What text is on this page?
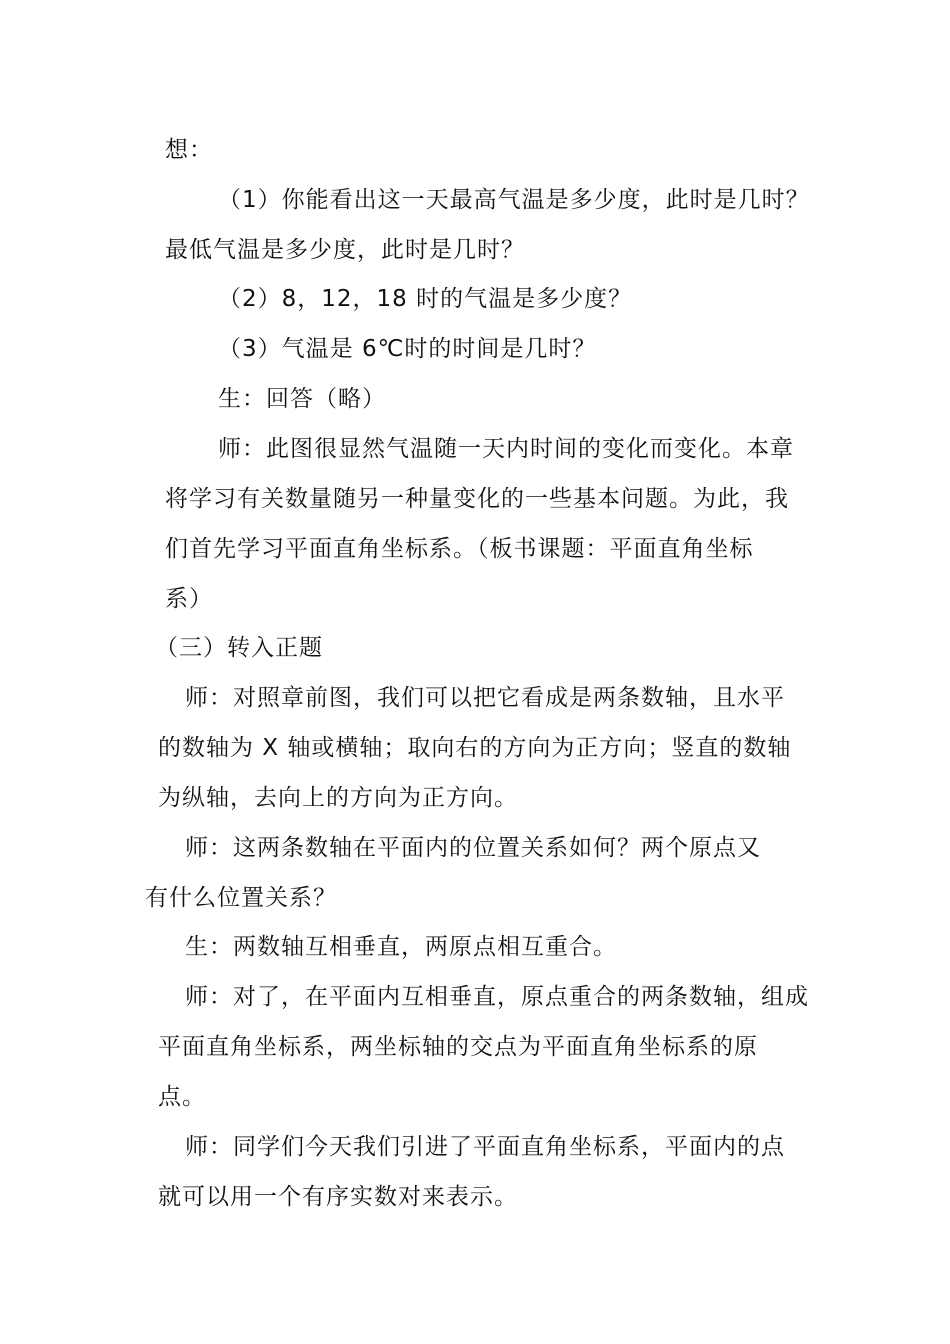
想：
（1）你能看出这一天最高气温是多少度，此时是几时？
最低气温是多少度，此时是几时？
（2）8，12，18 时的气温是多少度？
（3）气温是 6℃时的时间是几时？
生：回答（略）
师：此图很显然气温随一天内时间的变化而变化。本章
将学习有关数量随另一种量变化的一些基本问题。为此，我
们首先学习平面直角坐标系。（板书课题：平面直角坐标
系）
（三）转入正题
师：对照章前图，我们可以把它看成是两条数轴，且水平
的数轴为 X 轴或横轴；取向右的方向为正方向；竖直的数轴
为纵轴，去向上的方向为正方向。
师：这两条数轴在平面内的位置关系如何？两个原点又
有什么位置关系？
生：两数轴互相垂直，两原点相互重合。
师：对了，在平面内互相垂直，原点重合的两条数轴，组成
平面直角坐标系，两坐标轴的交点为平面直角坐标系的原
点。
师：同学们今天我们引进了平面直角坐标系，平面内的点
就可以用一个有序实数对来表示。
